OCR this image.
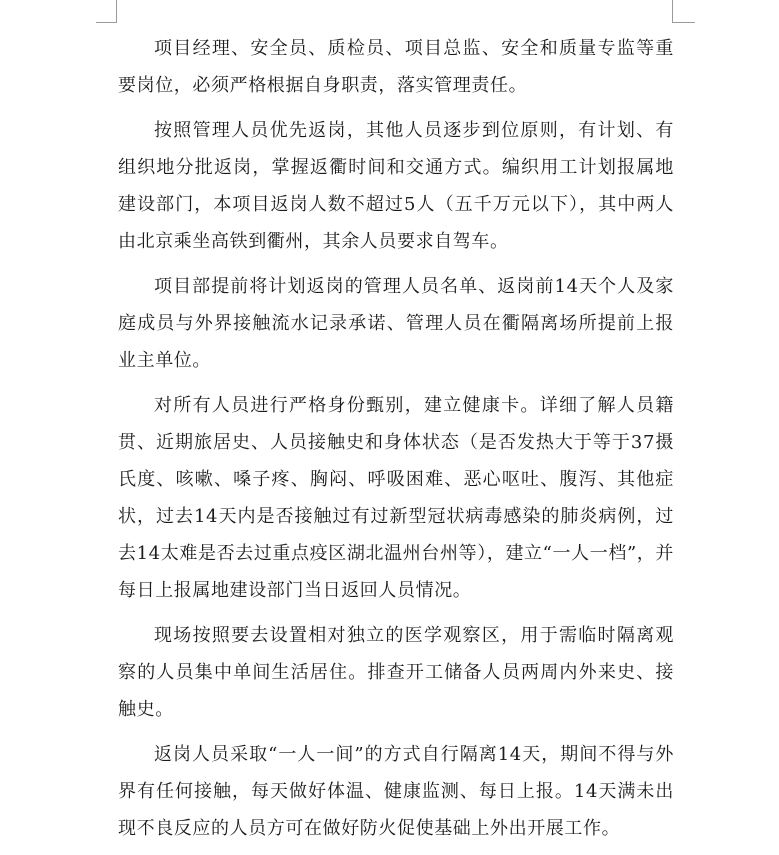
项目经理、安全员、质检员、项目总监、安全和质量专监等重要岗位，必须严格根据自身职责，落实管理责任。

按照管理人员优先返岗，其他人员逐步到位原则，有计划、有组织地分批返岗，掌握返衢时间和交通方式。编织用工计划报属地建设部门，本项目返岗人数不超过5人（五千万元以下），其中两人由北京乘坐高铁到衢州，其余人员要求自驾车。

项目部提前将计划返岗的管理人员名单、返岗前14天个人及家庭成员与外界接触流水记录承诺、管理人员在衢隔离场所提前上报业主单位。

对所有人员进行严格身份甄别，建立健康卡。详细了解人员籍贯、近期旅居史、人员接触史和身体状态（是否发热大于等于37摄氏度、咳嗽、嗓子疼、胸闷、呼吸困难、恶心呕吐、腹泻、其他症状，过去14天内是否接触过有过新型冠状病毒感染的肺炎病例，过去14太难是否去过重点疫区湖北温州台州等），建立“一人一档”，并每日上报属地建设部门当日返回人员情况。

现场按照要去设置相对独立的医学观察区，用于需临时隔离观察的人员集中单间生活居住。排查开工储备人员两周内外来史、接触史。

返岗人员采取“一人一间”的方式自行隔离14天，期间不得与外界有任何接触，每天做好体温、健康监测、每日上报。14天满未出现不良反应的人员方可在做好防火促使基础上外出开展工作。
